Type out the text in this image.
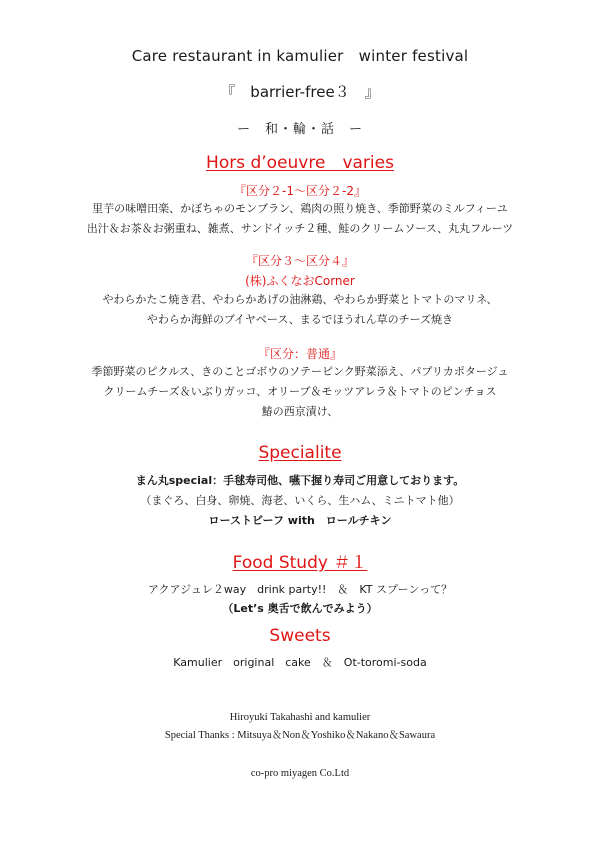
Care restaurant in kamulier　winter festival
『　barrier-free３　』
ー　和・輪・話　ー
Hors d’oeuvre　varies
『区分２-1～区分２-2』
里芋の味噌田楽、かぼちゃのモンブラン、鶏肉の照り焼き、季節野菜のミルフィーユ
出汁＆お茶＆お粥重ね、雑煮、サンドイッチ２種、鮭のクリームソース、丸丸フルーツ
『区分３～区分４』
(株)ふくなおCorner
やわらかたこ焼き君、やわらかあげの油淋鶏、やわらか野菜とトマトのマリネ、
やわらか海鮮のブイヤベース、まるでほうれん草のチーズ焼き
『区分：普通』
季節野菜のピクルス、きのことゴボウのソテーピンク野菜添え、パプリカポタージュ
クリームチーズ＆いぶりガッコ、オリーブ＆モッツアレラ＆トマトのピンチョス
鰆の西京漬け、
Specialite
まん丸special：手毬寿司他、嚥下握り寿司ご用意しております。
（まぐろ、白身、卵焼、海老、いくら、生ハム、ミニトマト他）
ローストビーフ with　ロールチキン
Food Study ＃１
アクアジュレ２way　drink party!!　＆　KT スプーンって？
（Let’s 奥舌で飲んでみよう）
Sweets
Kamulier　original　cake　＆　Ot-toromi-soda
Hiroyuki Takahashi and kamulier
Special Thanks : Mitsuya＆Non＆Yoshiko＆Nakano＆Sawaura
co-pro miyagen Co.Ltd
